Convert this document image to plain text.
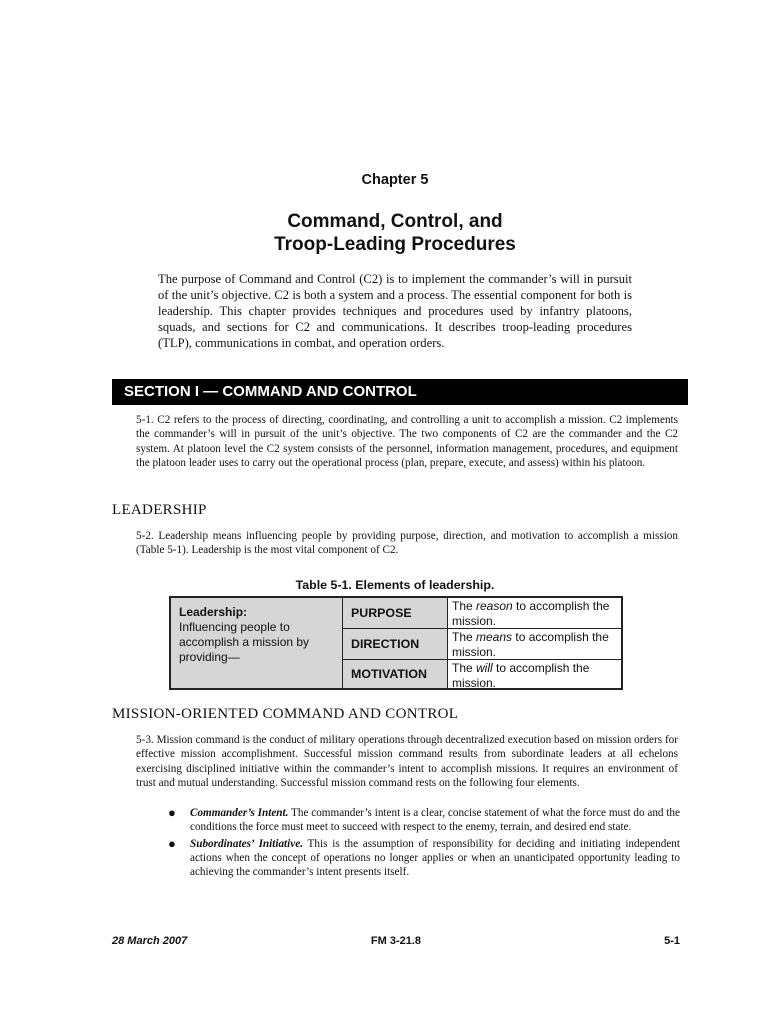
Chapter 5
Command, Control, and
Troop-Leading Procedures
The purpose of Command and Control (C2) is to implement the commander’s will in pursuit of the unit’s objective. C2 is both a system and a process. The essential component for both is leadership. This chapter provides techniques and procedures used by infantry platoons, squads, and sections for C2 and communications. It describes troop-leading procedures (TLP), communications in combat, and operation orders.
SECTION I — COMMAND AND CONTROL
5-1. C2 refers to the process of directing, coordinating, and controlling a unit to accomplish a mission. C2 implements the commander’s will in pursuit of the unit’s objective. The two components of C2 are the commander and the C2 system. At platoon level the C2 system consists of the personnel, information management, procedures, and equipment the platoon leader uses to carry out the operational process (plan, prepare, execute, and assess) within his platoon.
LEADERSHIP
5-2. Leadership means influencing people by providing purpose, direction, and motivation to accomplish a mission (Table 5-1). Leadership is the most vital component of C2.
Table 5-1. Elements of leadership.
Leadership:
Influencing people to accomplish a mission by providing—
PURPOSE	The reason to accomplish the mission.
DIRECTION	The means to accomplish the mission.
MOTIVATION	The will to accomplish the mission.
MISSION-ORIENTED COMMAND AND CONTROL
5-3. Mission command is the conduct of military operations through decentralized execution based on mission orders for effective mission accomplishment. Successful mission command results from subordinate leaders at all echelons exercising disciplined initiative within the commander’s intent to accomplish missions. It requires an environment of trust and mutual understanding. Successful mission command rests on the following four elements.
● Commander’s Intent. The commander’s intent is a clear, concise statement of what the force must do and the conditions the force must meet to succeed with respect to the enemy, terrain, and desired end state.
● Subordinates’ Initiative. This is the assumption of responsibility for deciding and initiating independent actions when the concept of operations no longer applies or when an unanticipated opportunity leading to achieving the commander’s intent presents itself.
28 March 2007	FM 3-21.8	5-1
